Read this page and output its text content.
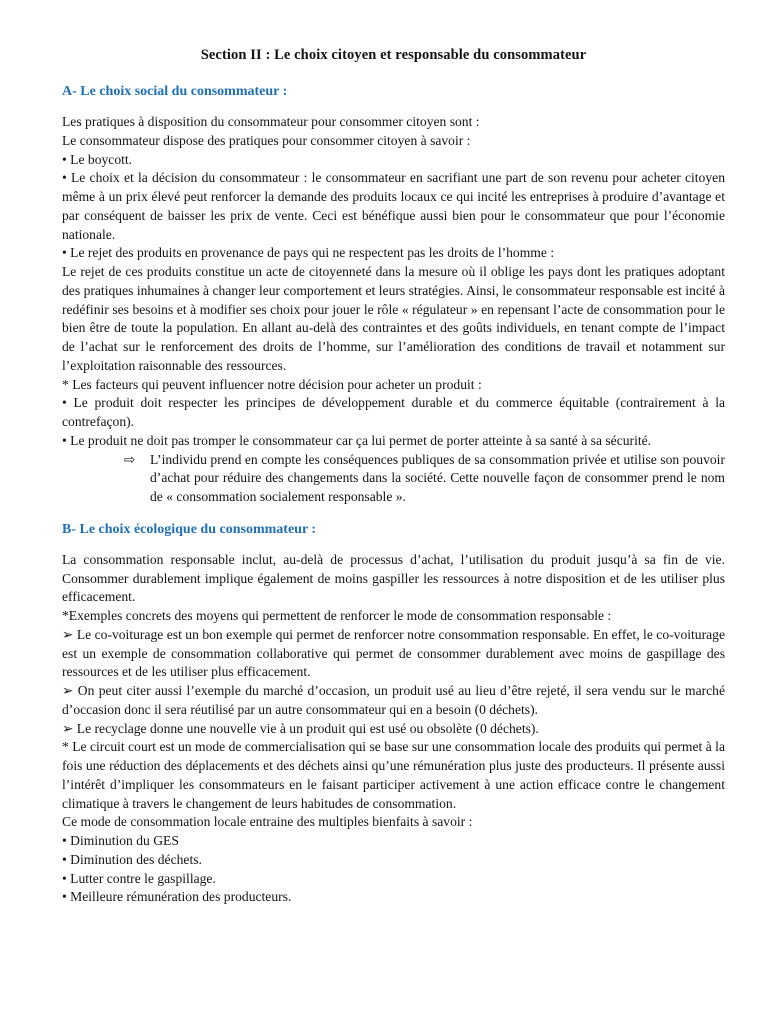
Section II : Le choix citoyen et responsable du consommateur
A- Le choix social du consommateur :

Les pratiques à disposition du consommateur pour consommer citoyen sont :

Le consommateur dispose des pratiques pour consommer citoyen à savoir :

• Le boycott.

• Le choix et la décision du consommateur : le consommateur en sacrifiant une part de son revenu pour acheter citoyen même à un prix élevé peut renforcer la demande des produits locaux ce qui incité les entreprises à produire d’avantage et par conséquent de baisser les prix de vente. Ceci est bénéfique aussi bien pour le consommateur que pour l’économie nationale.

• Le rejet des produits en provenance de pays qui ne respectent pas les droits de l’homme :

Le rejet de ces produits constitue un acte de citoyenneté dans la mesure où il oblige les pays dont les pratiques adoptant des pratiques inhumaines à changer leur comportement et leurs stratégies. Ainsi, le consommateur responsable est incité à redéfinir ses besoins et à modifier ses choix pour jouer le rôle « régulateur » en repensant l’acte de consommation pour le bien être de toute la population. En allant au-delà des contraintes et des goûts individuels, en tenant compte de l’impact de l’achat sur le renforcement des droits de l’homme, sur l’amélioration des conditions de travail et notamment sur l’exploitation raisonnable des ressources.

* Les facteurs qui peuvent influencer notre décision pour acheter un produit :

• Le produit doit respecter les principes de développement durable et du commerce équitable (contrairement à la contrefaçon).

• Le produit ne doit pas tromper le consommateur car ça lui permet de porter atteinte à sa santé à sa sécurité.

⇨ L’individu prend en compte les conséquences publiques de sa consommation privée et utilise son pouvoir d’achat pour réduire des changements dans la société. Cette nouvelle façon de consommer prend le nom de « consommation socialement responsable ».
B- Le choix écologique du consommateur :

La consommation responsable inclut, au-delà de processus d’achat, l’utilisation du produit jusqu’à sa fin de vie. Consommer durablement implique également de moins gaspiller les ressources à notre disposition et de les utiliser plus efficacement.

*Exemples concrets des moyens qui permettent de renforcer le mode de consommation responsable :

➢ Le co-voiturage est un bon exemple qui permet de renforcer notre consommation responsable. En effet, le co-voiturage est un exemple de consommation collaborative qui permet de consommer durablement avec moins de gaspillage des ressources et de les utiliser plus efficacement.

➢ On peut citer aussi l’exemple du marché d’occasion, un produit usé au lieu d’être rejeté, il sera vendu sur le marché d’occasion donc il sera réutilisé par un autre consommateur qui en a besoin (0 déchets).

➢ Le recyclage donne une nouvelle vie à un produit qui est usé ou obsolète (0 déchets).

* Le circuit court est un mode de commercialisation qui se base sur une consommation locale des produits qui permet à la fois une réduction des déplacements et des déchets ainsi qu’une rémunération plus juste des producteurs. Il présente aussi l’intérêt d’impliquer les consommateurs en le faisant participer activement à une action efficace contre le changement climatique à travers le changement de leurs habitudes de consommation.

Ce mode de consommation locale entraine des multiples bienfaits à savoir :

• Diminution du GES

• Diminution des déchets.

• Lutter contre le gaspillage.

• Meilleure rémunération des producteurs.
